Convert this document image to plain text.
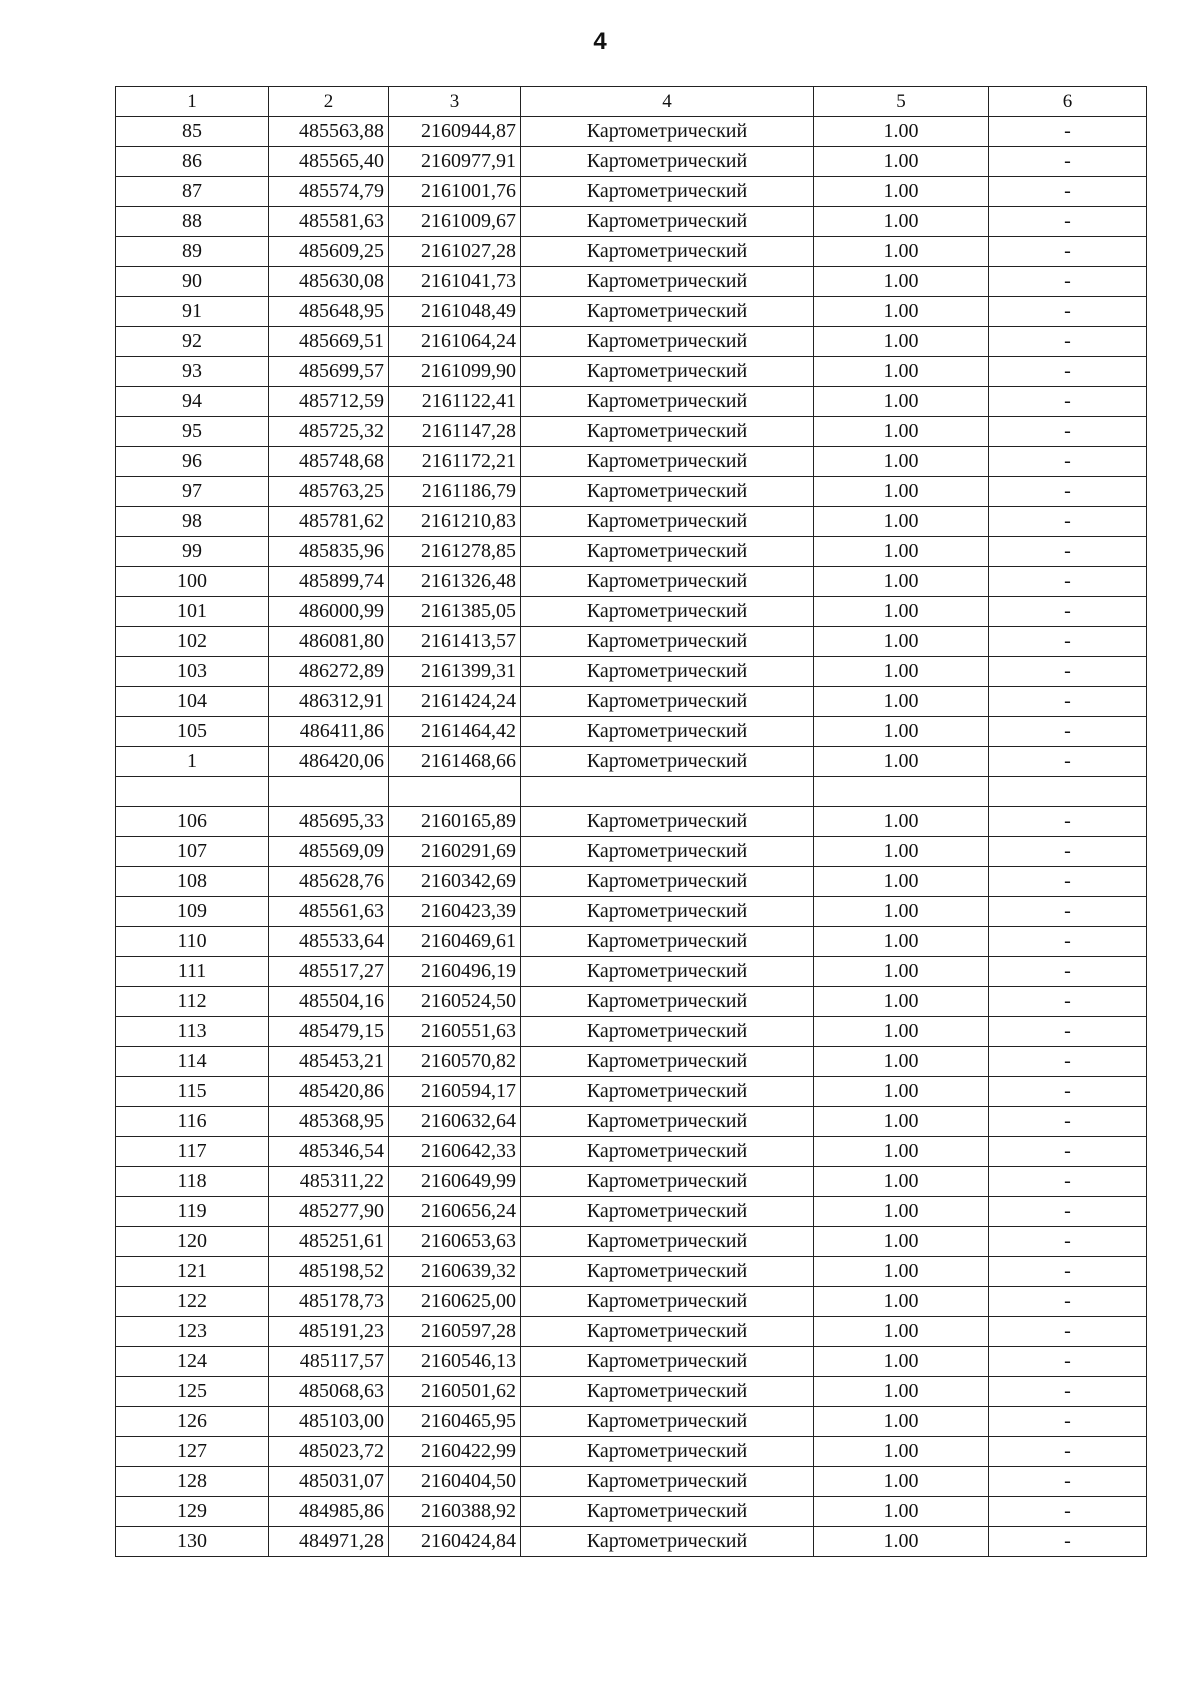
4
1	2	3	4	5	6
85	485563,88	2160944,87	Картометрический	1.00	-
86	485565,40	2160977,91	Картометрический	1.00	-
87	485574,79	2161001,76	Картометрический	1.00	-
88	485581,63	2161009,67	Картометрический	1.00	-
89	485609,25	2161027,28	Картометрический	1.00	-
90	485630,08	2161041,73	Картометрический	1.00	-
91	485648,95	2161048,49	Картометрический	1.00	-
92	485669,51	2161064,24	Картометрический	1.00	-
93	485699,57	2161099,90	Картометрический	1.00	-
94	485712,59	2161122,41	Картометрический	1.00	-
95	485725,32	2161147,28	Картометрический	1.00	-
96	485748,68	2161172,21	Картометрический	1.00	-
97	485763,25	2161186,79	Картометрический	1.00	-
98	485781,62	2161210,83	Картометрический	1.00	-
99	485835,96	2161278,85	Картометрический	1.00	-
100	485899,74	2161326,48	Картометрический	1.00	-
101	486000,99	2161385,05	Картометрический	1.00	-
102	486081,80	2161413,57	Картометрический	1.00	-
103	486272,89	2161399,31	Картометрический	1.00	-
104	486312,91	2161424,24	Картометрический	1.00	-
105	486411,86	2161464,42	Картометрический	1.00	-
1	486420,06	2161468,66	Картометрический	1.00	-

106	485695,33	2160165,89	Картометрический	1.00	-
107	485569,09	2160291,69	Картометрический	1.00	-
108	485628,76	2160342,69	Картометрический	1.00	-
109	485561,63	2160423,39	Картометрический	1.00	-
110	485533,64	2160469,61	Картометрический	1.00	-
111	485517,27	2160496,19	Картометрический	1.00	-
112	485504,16	2160524,50	Картометрический	1.00	-
113	485479,15	2160551,63	Картометрический	1.00	-
114	485453,21	2160570,82	Картометрический	1.00	-
115	485420,86	2160594,17	Картометрический	1.00	-
116	485368,95	2160632,64	Картометрический	1.00	-
117	485346,54	2160642,33	Картометрический	1.00	-
118	485311,22	2160649,99	Картометрический	1.00	-
119	485277,90	2160656,24	Картометрический	1.00	-
120	485251,61	2160653,63	Картометрический	1.00	-
121	485198,52	2160639,32	Картометрический	1.00	-
122	485178,73	2160625,00	Картометрический	1.00	-
123	485191,23	2160597,28	Картометрический	1.00	-
124	485117,57	2160546,13	Картометрический	1.00	-
125	485068,63	2160501,62	Картометрический	1.00	-
126	485103,00	2160465,95	Картометрический	1.00	-
127	485023,72	2160422,99	Картометрический	1.00	-
128	485031,07	2160404,50	Картометрический	1.00	-
129	484985,86	2160388,92	Картометрический	1.00	-
130	484971,28	2160424,84	Картометрический	1.00	-
